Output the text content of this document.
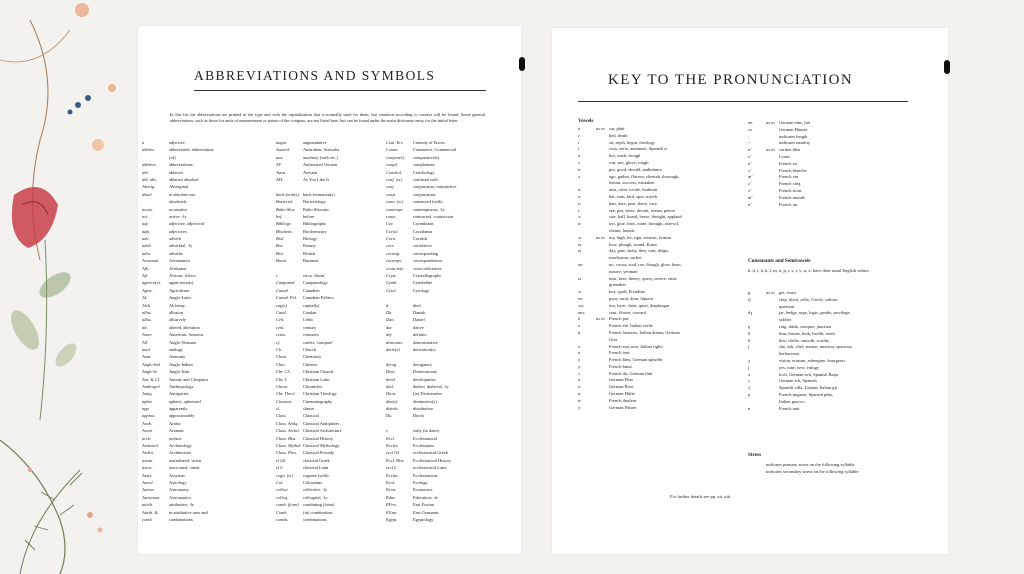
ABBREVIATIONS AND SYMBOLS
In this list the abbreviations are printed in the type and with the capitalization that is normally used for them, but variation according to context will be found. Some general abbreviations, such as those for units of measurement or points of the compass, are not listed here, but can be found under the main dictionary entry for the initial letter.
a	adjective
abbrev.	abbreviated, abbreviation
(of)
abbrevs.	abbreviations
abl.	ablative
abl. abs.	ablative absolute
Aborig.	Aboriginal
absol.	in absolute use,
absolutely
accus.	accusative
act.	active, -ly
adj.	adjective, adjectival
adjs.	adjectives
adv.	adverb
advb.	adverbial, -ly
advs.	adverbs
Aeronaut.	Aeronautics
Afk.	Afrikaans
Afr.	African, Africa
agent-n(s).	agent-noun(s)
Agric.	Agriculture
AL	Anglo-Latin
Alch.	Alchemy
allus.	allusion
allus.	allusively
alt.	altered, alteration
Amer.	American, America
AN	Anglo-Norman
anal.	analogy
Anat.	Anatomy
Anglo-Ind.	Anglo-Indian
Anglo-Ir.	Anglo-Irish
Ant. & Cl.	Antony and Cleopatra
Anthropol.	Anthropology
Antiq.	Antiquities
aphet.	aphetic, aphetized
app.	apparently
approx.	approximately
Arab.	Arabic
Aram.	Aramaic
arch.	archaic
Archaeol.	Archaeology
Archit.	Architecture
assim.	assimilated, -ation
assoc.	associated, -ation
Assyr.	Assyrian
Astrol.	Astrology
Astron.	Astronomy
Astronaut.	Astronautics
attrib.	attributive, -ly
Attrib. &	in attributive uses and
comb.	combinations
augm.	augmentative
Austral.	Australian, Australia
aux.	auxiliary (verb etc.)
AV	Authorized Version
Avest.	Avestan
AYL	As You Like It
back-form(s). back-formation(s)
Bacteriol.	Bacteriology
Balto-Slav.	Balto-Slavonic
bef.	before
Bibliogr.	Bibliography
Biochem.	Biochemistry
Biol.	Biology
Bot.	Botany
Brit.	British
Burm.	Burmese
c	circa, 'about'
Campanol.	Campanology
Canad.	Canadian
Canad. Pol.	Canadian Politics
cap(s).	capital(s)
Catal.	Catalan
Celt.	Celtic
cent.	century
cents.	centuries
cf.	confer, 'compare'
Ch.	Church
Chem.	Chemistry
Chin.	Chinese
Chr. Ch.	Christian Church
Chr. L	Christian Latin
Chron.	Chronicles
Chr. Theol.	Christian Theology
Cinemat.	Cinematography
cl.	clause
Class.	Classical
Class. Antiq.	Classical Antiquities
Class. Archit. Classical Architecture
Class. Hist.	Classical History
Class. Mythol. Classical Mythology
Class. Pros.	Classical Prosody
cl Gk	classical Greek
cl L	classical Latin
cogn. (w.)	cognate (with)
Col.	Colossians
collect.	collective, -ly
colloq.	colloquial, -ly
comb. (form) combining (form)
Comb.	(in) combination
combs.	combinations
Com. Err.	Comedy of Errors
Comm.	Commerce, Commercial
compar(s).	comparative(s)
compl.	complement
Conchol.	Conchology
conf. (w.)	confused with
conj.	conjunction, conjunctive
conjs.	conjunctions
conn. (w.)	connected (with)
contempt.	contemptuous, -ly
contr.	contracted, contraction
Cor.	Corinthians
Coriol.	Coriolanus
Corn.	Cornish
corr.	correlative
corresp.	corresponding
corresps.	correspondences
cross-refs.	cross-references
Cryst.	Crystallography
Cymb.	Cymbeline
Cytol.	Cytology
d.	died
Da.	Danish
Dan.	Daniel
dat.	dative
def.	definite
demonstr.	demonstrative
deriv(s).	derivation(s)
derog.	derogatory
Deut.	Deuteronomy
devel.	development
dial.	dialect, dialectal, -ly
Dicts.	(in) Dictionaries
dim(s).	diminutive(s)
distrib.	distributive
Du.	Dutch
e	early (in dates)
Eccl.	Ecclesiastical
Eccles.	Ecclesiastes
eccl Gk	ecclesiastical Greek
Eccl. Hist.	Ecclesiastical History
eccl L	ecclesiastical Latin
Ecclus.	Ecclesiasticus
Ecol.	Ecology
Econ.	Economics
Educ.	Education, -al
EFris.	East Frisian
EGmc	East Germanic
Egypt.	Egyptology
KEY TO THE PRONUNCIATION
Vowels
a	as in cat, plait
ɛ	bed, death
ɪ	sit, myth, begin, theology
i	cosy, eerie, anemone, Spanish si
ɒ	hot, wash, trough
ʌ	run, son, glove, rough
ʊ	put, good, should, ambulance
ə	ago, gather, flavour, cheetah, thorough,
lemon, success, mistaken
ɑː	arm, calm, locale, brahmin
əː	her, earn, bird, spur, myrrh
ɛː	hair, dare, pear, there, vary
iː	see, pea, seize, decent, foetus, paeon
ɔː	saw, ball, board, horse, thought, applaud
uː	too, glue, fruit, route, through, shrewd,
rheum, lunatic
ʌɪ	as in my, high, lie, sign, seismic, bonsai
eɪ	how, plough, sound, Kraut
eɪ	day, gate, daisy, they, rein, deign,
maelstrom, sachet
əʊ	no, cocoa, soul, roe, though, glow, beau,
mauve, yeoman
ɪə	near, beer, theory, query, severe, emir,
grenadier
ɔɪ	boy, spoil, Freudian
ʊə	poor, rural, dour, liqueur
ʌɪə	tire, byre, choir, quiet, diaphragm
aʊə	sour, flower, coward
ã	as in French pas
e	French été, Italian verde
ø	French heureux, Italian donna, German
Gott
o	French eau, mot, Italian figlio
u	French tout
y	French bleu, German spitzeln
yː	French bœuf
ɔ	French du, German fünf
ɑ	German Ehre
oː	German Boot
uː	German Hüfte
øː	French douleur
yː	German Führer
aʊ	as in German eins, frei
ɔʏ	German Häuser
ː	indicates length
~	indicates nasality
ɒ̃	as in cordon bleu
ɛ̃	Lyons
ɑ̃	French en
ɔ̃	French blanche
œ̃	French vin
ɛ̃	French cinq
ɔ̃	French rions
œ̃	French monde
ɑ̃	French un
Consonants and Semivowels
b, d, f, h, k, l, m, n, p, r, s, t, v, w, z, have their usual English values
g	as in get, exact
tʃ	chip, ditch, cello, Czech, culture,
question
dʒ	jar, hedge, urge, logic, gentle, privilege,
soldier
ŋ	ring, think, conquer, junction
θ	thin, throne, both, health, tooth
ð	this, clothe, smooth, worthy
ʃ	she, ash, chef, station, mission, spacious,
herbaceous
ʒ	vision, erasure, aubergine, bourgeois
j	yes, tune, new, eulogy
x	loch, German ach, Spanish Baija
ç	German ich, Spanish
ʎ	Spanish villa, Llamar, Italian gli
ɲ	French mignon, Spanish piña,
Italian gnocco
ʁ	French nuit
Stress
ˈ	indicates primary stress on the following syllable
ˌ	indicates secondary stress on the following syllable
For further details see pp. xii–xiii.
